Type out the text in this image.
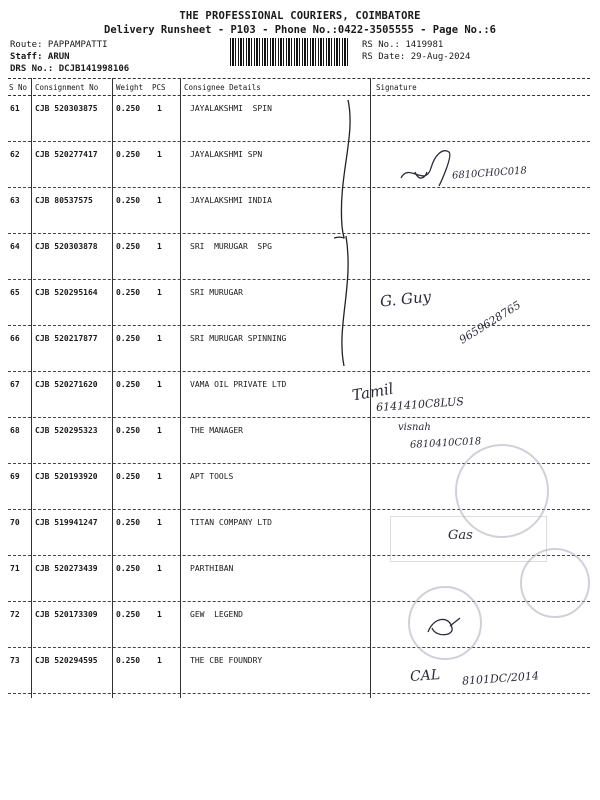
THE PROFESSIONAL COURIERS, COIMBATORE
Delivery Runsheet - P103 - Phone No.:0422-3505555 - Page No.:6
Route: PAPPAMPATTI
Staff: ARUN
DRS No.: DCJB141998106
RS No.: 1419981
RS Date: 29-Aug-2024
S No Consignment No Weight PCS Consignee Details	Signature
61 CJB 520303875 0.250 1	JAYALAKSHMI  SPIN
62 CJB 520277417 0.250 1	JAYALAKSHMI SPN
63 CJB 80537575	0.250 1	JAYALAKSHMI INDIA
64 CJB 520303878 0.250 1	SRI  MURUGAR  SPG
65 CJB 520295164 0.250 1	SRI MURUGAR
66 CJB 520217877 0.250 1	SRI MURUGAR SPINNING
67 CJB 520271620 0.250 1	VAMA OIL PRIVATE LTD
68 CJB 520295323 0.250 1	THE MANAGER
69 CJB 520193920 0.250 1	APT TOOLS
70 CJB 519941247 0.250 1	TITAN COMPANY LTD
71 CJB 520273439 0.250 1	PARTHIBAN
72 CJB 520173309 0.250 1	GEW  LEGEND
73 CJB 520294595 0.250 1	THE CBE FOUNDRY
6810CH0C018
G. Guy 9659628765
Tamil
6141410C8LUS
visnah
6810410C018
Gas
CAL 8101DC/2014
